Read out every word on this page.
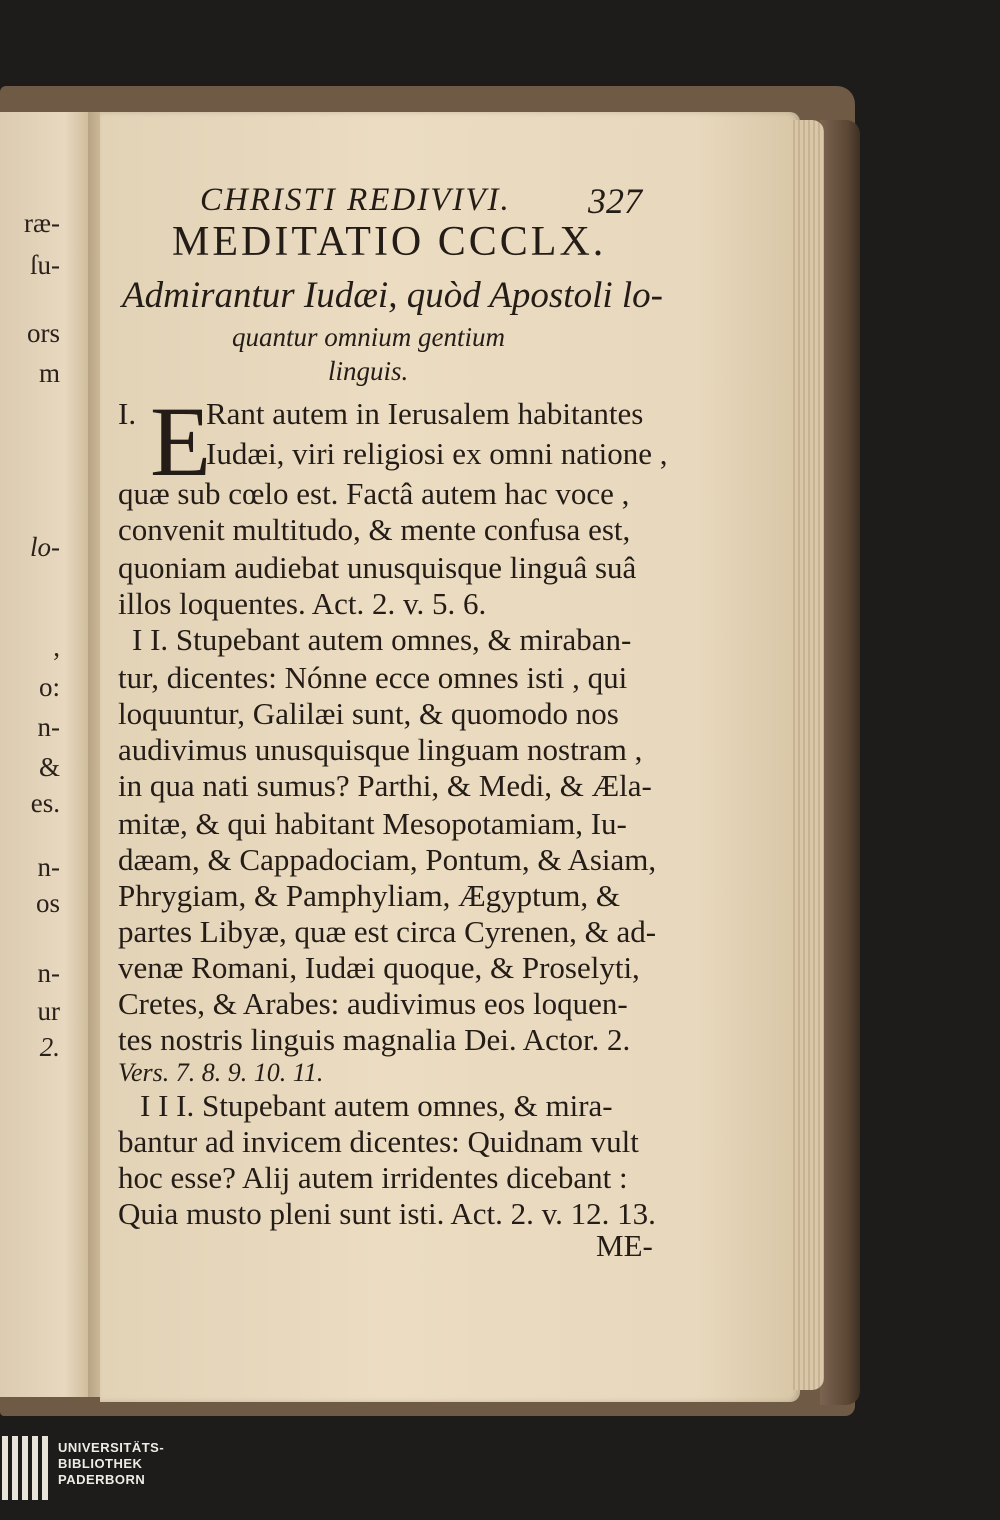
ræ-
ſu-
ors
m
lo-
,
o:
n-
&
es.
n-
os
n-
ur
2.
CHRISTI REDIVIVI. 327
MEDITATIO CCCLX.
Admirantur Iudæi, quòd Apostoli lo-
quantur omnium gentium
linguis.
I. E
Rant autem in Ierusalem habitantes
Iudæi, viri religiosi ex omni natione ,
quæ sub cœlo est. Factâ autem hac voce ,
convenit multitudo, & mente confusa est,
quoniam audiebat unusquisque linguâ suâ
illos loquentes. Act. 2. v. 5. 6.
I I. Stupebant autem omnes, & miraban-
tur, dicentes: Nónne ecce omnes isti , qui
loquuntur, Galilæi sunt, & quomodo nos
audivimus unusquisque linguam nostram ,
in qua nati sumus? Parthi, & Medi, & Æla-
mitæ, & qui habitant Mesopotamiam, Iu-
dæam, & Cappadociam, Pontum, & Asiam,
Phrygiam, & Pamphyliam, Ægyptum, &
partes Libyæ, quæ est circa Cyrenen, & ad-
venæ Romani, Iudæi quoque, & Proselyti,
Cretes, & Arabes: audivimus eos loquen-
tes nostris linguis magnalia Dei. Actor. 2.
Vers. 7. 8. 9. 10. 11.
I I I. Stupebant autem omnes, & mira-
bantur ad invicem dicentes: Quidnam vult
hoc esse? Alij autem irridentes dicebant :
Quia musto pleni sunt isti. Act. 2. v. 12. 13.
ME-
UNIVERSITÄTS-
BIBLIOTHEK
PADERBORN
